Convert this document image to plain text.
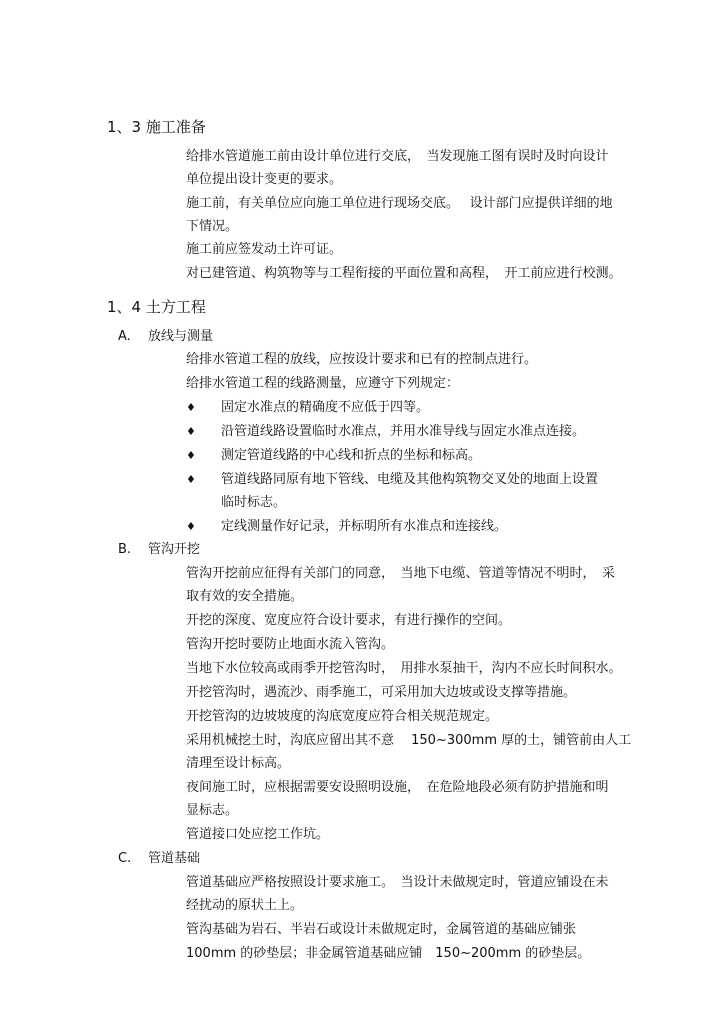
1、3 施工准备
给排水管道施工前由设计单位进行交底，　当发现施工图有误时及时向设计
单位提出设计变更的要求。
施工前，有关单位应向施工单位进行现场交底。　 设计部门应提供详细的地
下情况。
施工前应签发动土许可证。
对已建管道、构筑物等与工程衔接的平面位置和高程，　开工前应进行校测。
1、4 土方工程
A. 放线与测量
给排水管道工程的放线，应按设计要求和已有的控制点进行。
给排水管道工程的线路测量，应遵守下列规定：
♦ 固定水准点的精确度不应低于四等。
♦ 沿管道线路设置临时水准点，并用水准导线与固定水准点连接。
♦ 测定管道线路的中心线和折点的坐标和标高。
♦ 管道线路同原有地下管线、电缆及其他构筑物交叉处的地面上设置
临时标志。
♦ 定线测量作好记录，并标明所有水准点和连接线。
B. 管沟开挖
管沟开挖前应征得有关部门的同意，　当地下电缆、管道等情况不明时，　采
取有效的安全措施。
开挖的深度、宽度应符合设计要求，有进行操作的空间。
管沟开挖时要防止地面水流入管沟。
当地下水位较高或雨季开挖管沟时，　用排水泵抽干，沟内不应长时间积水。
开挖管沟时，遇流沙、雨季施工，可采用加大边坡或设支撑等措施。
开挖管沟的边坡坡度的沟底宽度应符合相关规范规定。
采用机械挖土时，沟底应留出其不意　 150~300mm 厚的土，铺管前由人工
清理至设计标高。
夜间施工时，应根据需要安设照明设施，　在危险地段必须有防护措施和明
显标志。
管道接口处应挖工作坑。
C. 管道基础
管道基础应严格按照设计要求施工。　当设计未做规定时，管道应铺设在未
经扰动的原状土上。
管沟基础为岩石、半岩石或设计未做规定时，金属管道的基础应铺张
100mm 的砂垫层；非金属管道基础应铺　150~200mm 的砂垫层。
